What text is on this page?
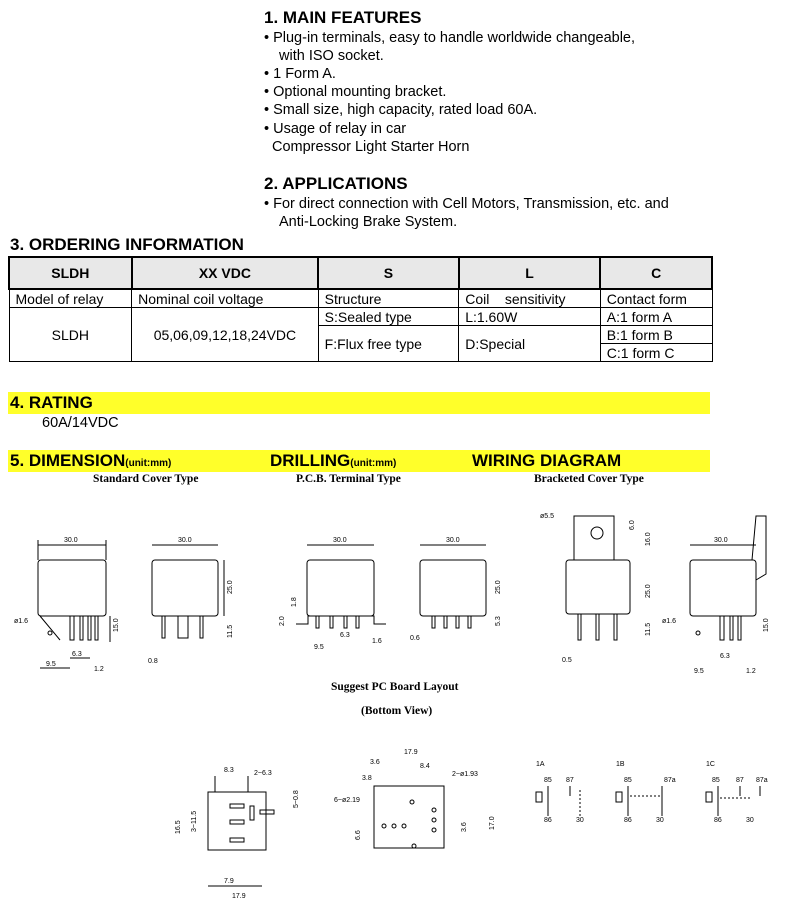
1. MAIN FEATURES
• Plug-in terminals, easy to handle worldwide changeable,
with ISO socket.
• 1 Form A.
• Optional mounting bracket.
• Small size, high capacity, rated load 60A.
• Usage of relay in car
Compressor Light Starter Horn
2. APPLICATIONS
• For direct connection with Cell Motors, Transmission, etc. and
Anti-Locking Brake System.
3. ORDERING INFORMATION
SLDH	XX VDC	S	L	C
Model of relay	Nominal coil voltage	Structure	Coil    sensitivity	Contact form
SLDH	05,06,09,12,18,24VDC	S:Sealed type	L:1.60W	A:1 form A
		F:Flux free type	D:Special	B:1 form B
				C:1 form C
4. RATING
60A/14VDC
5. DIMENSION(unit:mm)	DRILLING(unit:mm)	WIRING DIAGRAM
Standard Cover Type	P.C.B. Terminal Type	Bracketed Cover Type
Suggest PC Board Layout
(Bottom View)
30.0
ø1.6	15.0
9.5
6.3
1.2
30.0
25.0
11.5
0.8
30.0
1.8
2.0
9.5
6.3
1.6
30.0
25.0
5.3
0.6
ø5.5
6.0
16.0
25.0
11.5
0.5
30.0
ø1.6	15.0
9.5
6.3
1.2
8.3	2~6.3
3~11.5
16.5
5~0.8
7.9
17.9
17.9
3.6
8.4
2~ø1.93
3.8
6~ø2.19
3.6	17.0
6.6
1A
85 87
86	30
1B
85	87a
86	30
1C
85 87 87a
86	30
